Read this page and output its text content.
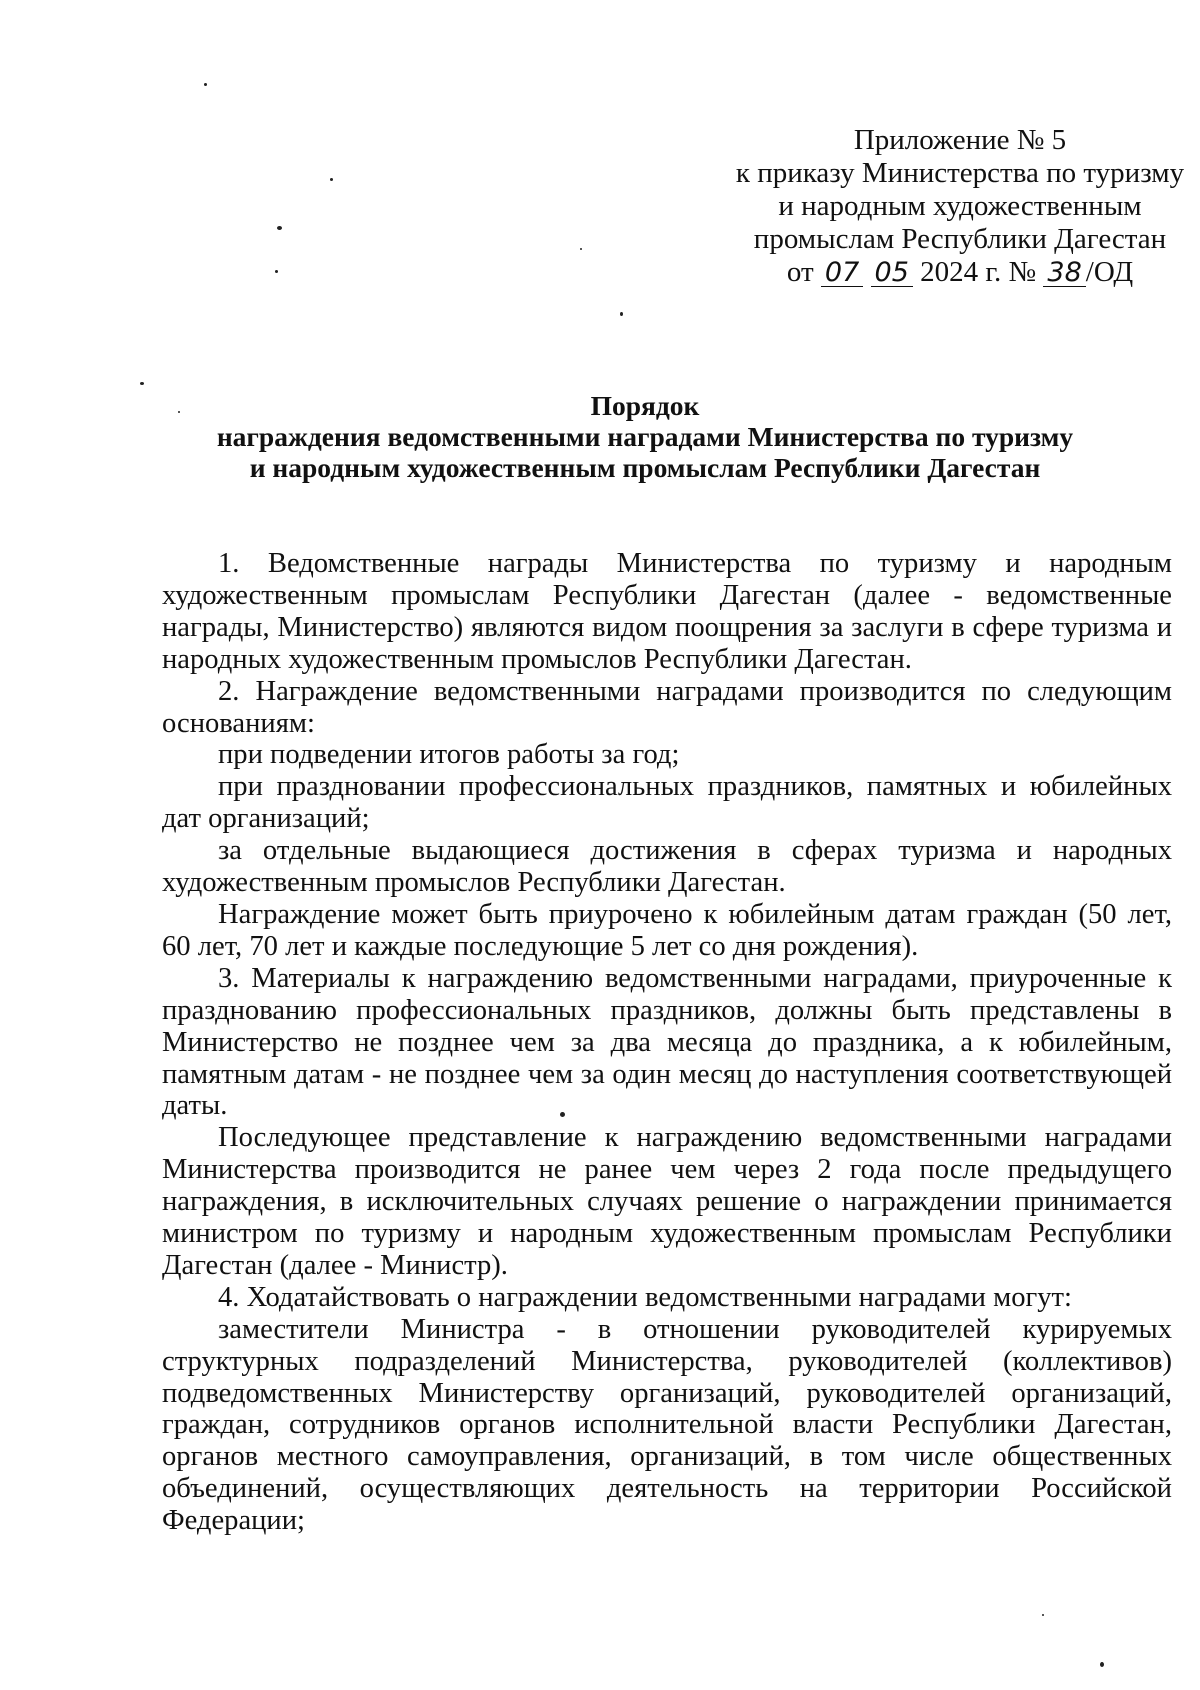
Приложение № 5
к приказу Министерства по туризму
и народным художественным
промыслам Республики Дагестан
от 07 05 2024 г. № 38 /ОД
Порядок
награждения ведомственными наградами Министерства по туризму
и народным художественным промыслам Республики Дагестан

1. Ведомственные награды Министерства по туризму и народным художественным промыслам Республики Дагестан (далее - ведомственные награды, Министерство) являются видом поощрения за заслуги в сфере туризма и народных художественным промыслов Республики Дагестан.

2. Награждение ведомственными наградами производится по следующим основаниям:

при подведении итогов работы за год;

при праздновании профессиональных праздников, памятных и юбилейных дат организаций;

за отдельные выдающиеся достижения в сферах туризма и народных художественным промыслов Республики Дагестан.

Награждение может быть приурочено к юбилейным датам граждан (50 лет, 60 лет, 70 лет и каждые последующие 5 лет со дня рождения).

3. Материалы к награждению ведомственными наградами, приуроченные к празднованию профессиональных праздников, должны быть представлены в Министерство не позднее чем за два месяца до праздника, а к юбилейным, памятным датам - не позднее чем за один месяц до наступления соответствующей даты.

Последующее представление к награждению ведомственными наградами Министерства производится не ранее чем через 2 года после предыдущего награждения, в исключительных случаях решение о награждении принимается министром по туризму и народным художественным промыслам Республики Дагестан (далее - Министр).

4. Ходатайствовать о награждении ведомственными наградами могут:

заместители Министра - в отношении руководителей курируемых структурных подразделений Министерства, руководителей (коллективов) подведомственных Министерству организаций, руководителей организаций, граждан, сотрудников органов исполнительной власти Республики Дагестан, органов местного самоуправления, организаций, в том числе общественных объединений, осуществляющих деятельность на территории Российской Федерации;
